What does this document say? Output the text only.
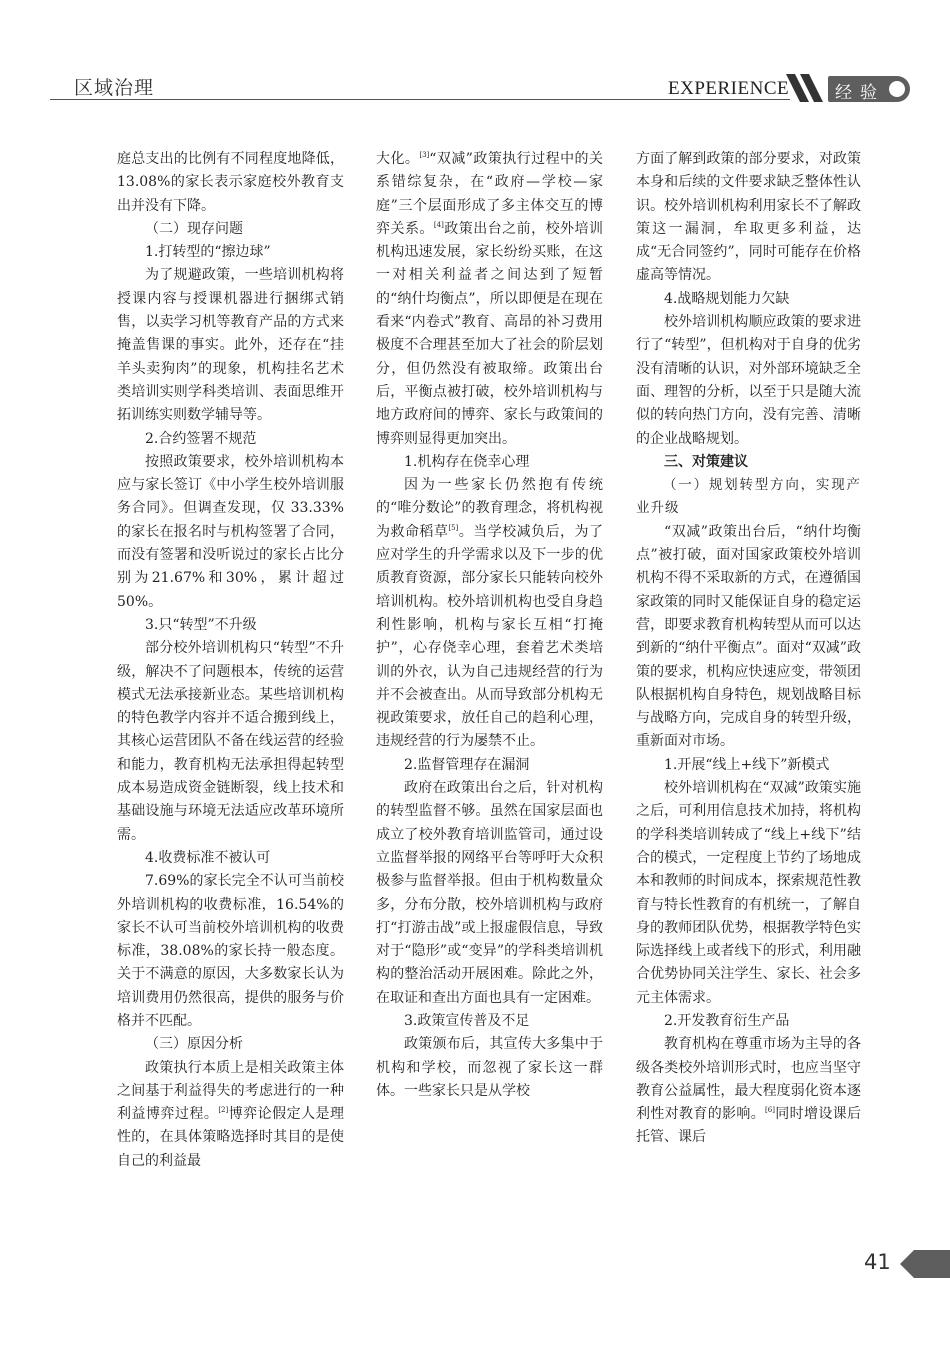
区域治理	EXPERIENCE	经验

庭总支出的比例有不同程度地降低，13.08%的家长表示家庭校外教育支出并没有下降。

（二）现存问题

1.打转型的“擦边球”

为了规避政策，一些培训机构将授课内容与授课机器进行捆绑式销售，以卖学习机等教育产品的方式来掩盖售课的事实。此外，还存在“挂羊头卖狗肉”的现象，机构挂名艺术类培训实则学科类培训、表面思维开拓训练实则数学辅导等。

2.合约签署不规范

按照政策要求，校外培训机构本应与家长签订《中小学生校外培训服务合同》。但调查发现，仅 33.33%的家长在报名时与机构签署了合同，而没有签署和没听说过的家长占比分别为21.67%和30%，累计超过50%。

3.只“转型”不升级

部分校外培训机构只“转型”不升级，解决不了问题根本，传统的运营模式无法承接新业态。某些培训机构的特色教学内容并不适合搬到线上，其核心运营团队不备在线运营的经验和能力，教育机构无法承担得起转型成本易造成资金链断裂，线上技术和基础设施与环境无法适应改革环境所需。

4.收费标准不被认可

7.69%的家长完全不认可当前校外培训机构的收费标准，16.54%的家长不认可当前校外培训机构的收费标准，38.08%的家长持一般态度。关于不满意的原因，大多数家长认为培训费用仍然很高，提供的服务与价格并不匹配。

（三）原因分析

政策执行本质上是相关政策主体之间基于利益得失的考虑进行的一种利益博弈过程。[2]博弈论假定人是理性的，在具体策略选择时其目的是使自己的利益最

大化。[3]“双减”政策执行过程中的关系错综复杂，在“政府—学校—家庭”三个层面形成了多主体交互的博弈关系。[4]政策出台之前，校外培训机构迅速发展，家长纷纷买账，在这一对相关利益者之间达到了短暂的“纳什均衡点”，所以即便是在现在看来“内卷式”教育、高昂的补习费用极度不合理甚至加大了社会的阶层划分，但仍然没有被取缔。政策出台后，平衡点被打破，校外培训机构与地方政府间的博弈、家长与政策间的博弈则显得更加突出。

1.机构存在侥幸心理

因为一些家长仍然抱有传统的“唯分数论”的教育理念，将机构视为救命稻草[5]。当学校减负后，为了应对学生的升学需求以及下一步的优质教育资源，部分家长只能转向校外培训机构。校外培训机构也受自身趋利性影响，机构与家长互相“打掩护”，心存侥幸心理，套着艺术类培训的外衣，认为自己违规经营的行为并不会被查出。从而导致部分机构无视政策要求，放任自己的趋利心理，违规经营的行为屡禁不止。

2.监督管理存在漏洞

政府在政策出台之后，针对机构的转型监督不够。虽然在国家层面也成立了校外教育培训监管司，通过设立监督举报的网络平台等呼吁大众积极参与监督举报。但由于机构数量众多，分布分散，校外培训机构与政府打“打游击战”或上报虚假信息，导致对于“隐形”或“变异”的学科类培训机构的整治活动开展困难。除此之外，在取证和查出方面也具有一定困难。

3.政策宣传普及不足

政策颁布后，其宣传大多集中于机构和学校，而忽视了家长这一群体。一些家长只是从学校

方面了解到政策的部分要求，对政策本身和后续的文件要求缺乏整体性认识。校外培训机构利用家长不了解政策这一漏洞，牟取更多利益，达成“无合同签约”，同时可能存在价格虚高等情况。

4.战略规划能力欠缺

校外培训机构顺应政策的要求进行了“转型”，但机构对于自身的优劣没有清晰的认识，对外部环境缺乏全面、理智的分析，以至于只是随大流似的转向热门方向，没有完善、清晰的企业战略规划。

三、对策建议

（一）规划转型方向，实现产业升级

“双减”政策出台后，“纳什均衡点”被打破，面对国家政策校外培训机构不得不采取新的方式，在遵循国家政策的同时又能保证自身的稳定运营，即要求教育机构转型从而可以达到新的“纳什平衡点”。面对“双减”政策的要求，机构应快速应变，带领团队根据机构自身特色，规划战略目标与战略方向，完成自身的转型升级，重新面对市场。

1.开展“线上+线下”新模式

校外培训机构在“双减”政策实施之后，可利用信息技术加持，将机构的学科类培训转成了“线上+线下”结合的模式，一定程度上节约了场地成本和教师的时间成本，探索规范性教育与特长性教育的有机统一，了解自身的教师团队优势，根据教学特色实际选择线上或者线下的形式，利用融合优势协同关注学生、家长、社会多元主体需求。

2.开发教育衍生产品

教育机构在尊重市场为主导的各级各类校外培训形式时，也应当坚守教育公益属性，最大程度弱化资本逐利性对教育的影响。[6]同时增设课后托管、课后

41
